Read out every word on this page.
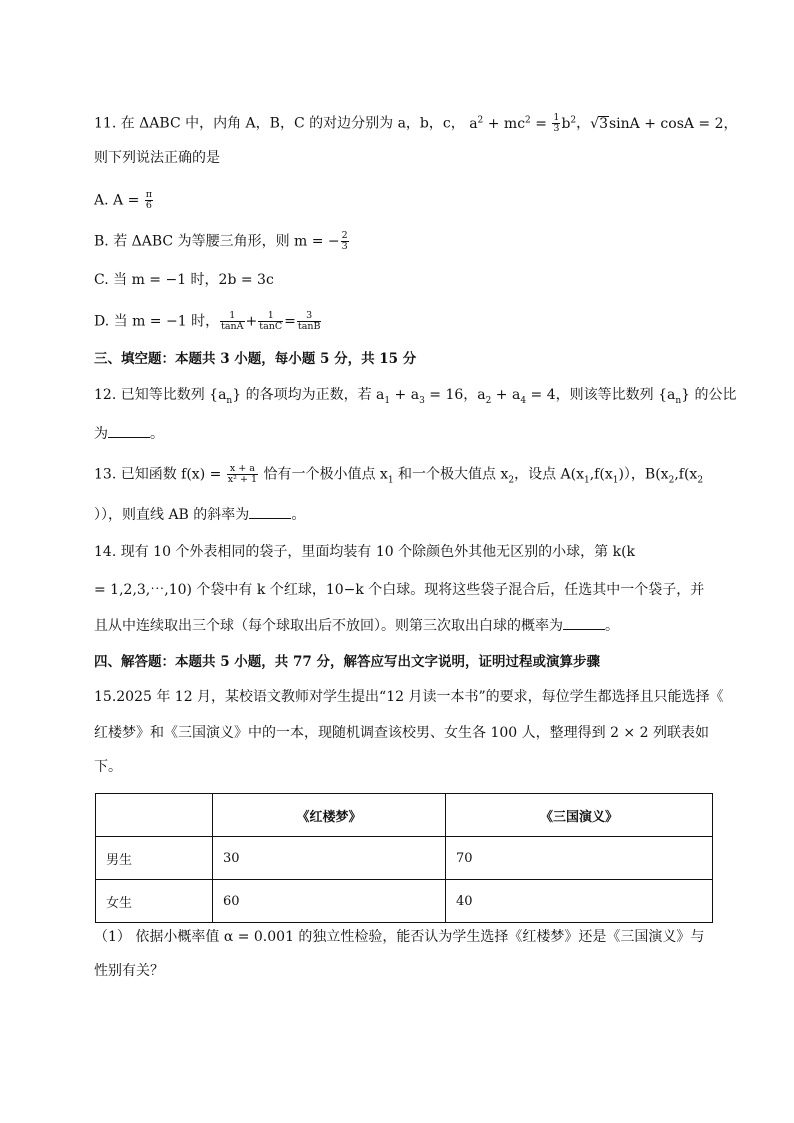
11. 在 ΔABC 中，内角 A，B，C 的对边分别为 a，b，c， $a^2 + mc^2 = \frac{1}{3} b^2$，√3sinA + cosA = 2，
则下列说法正确的是
A. $A = \frac{\pi}{6}$
B. 若 ΔABC 为等腰三角形，则 m = − $\frac{2}{3}$
C. 当 m = −1 时，2b = 3c
D. 当 m = −1 时， $\frac{1}{\tan A} + \frac{1}{\tan C} = \frac{3}{\tan B}$
三、填空题：本题共 3 小题，每小题 5 分，共 15 分
12. 已知等比数列 $\{a_n\}$ 的各项均为正数，若 $a_1 + a_3 = 16$，$a_2 + a_4 = 4$，则该等比数列 $\{a_n\}$ 的公比
为	。
13. 已知函数 $f(x) = \frac{x + a}{\text{x² + 1}}$ 恰有一个极小值点 $x_1$ 和一个极大值点 $x_2$，设点 $A(x_1,f(x_1))$，$B(x_2,f(x_2$
）），则直线 AB 的斜率为	。
14. 现有 10 个外表相同的袋子，里面均装有 10 个除颜色外其他无区别的小球，第 k(k
= 1,2,3,⋯,10) 个袋中有 k 个红球，10−k 个白球。现将这些袋子混合后，任选其中一个袋子，并
且从中连续取出三个球（每个球取出后不放回）。则第三次取出白球的概率为	。
四、解答题：本题共 5 小题，共 77 分，解答应写出文字说明，证明过程或演算步骤
15.2025 年 12 月，某校语文教师对学生提出“12 月读一本书”的要求，每位学生都选择且只能选择《
红楼梦》和《三国演义》中的一本，现随机调查该校男、女生各 100 人，整理得到 2 × 2 列联表如
下。
	《红楼梦》	《三国演义》
男生	30	70
女生	60	40
（1） 依据小概率值 α = 0.001 的独立性检验，能否认为学生选择《红楼梦》还是《三国演义》与
性别有关？
